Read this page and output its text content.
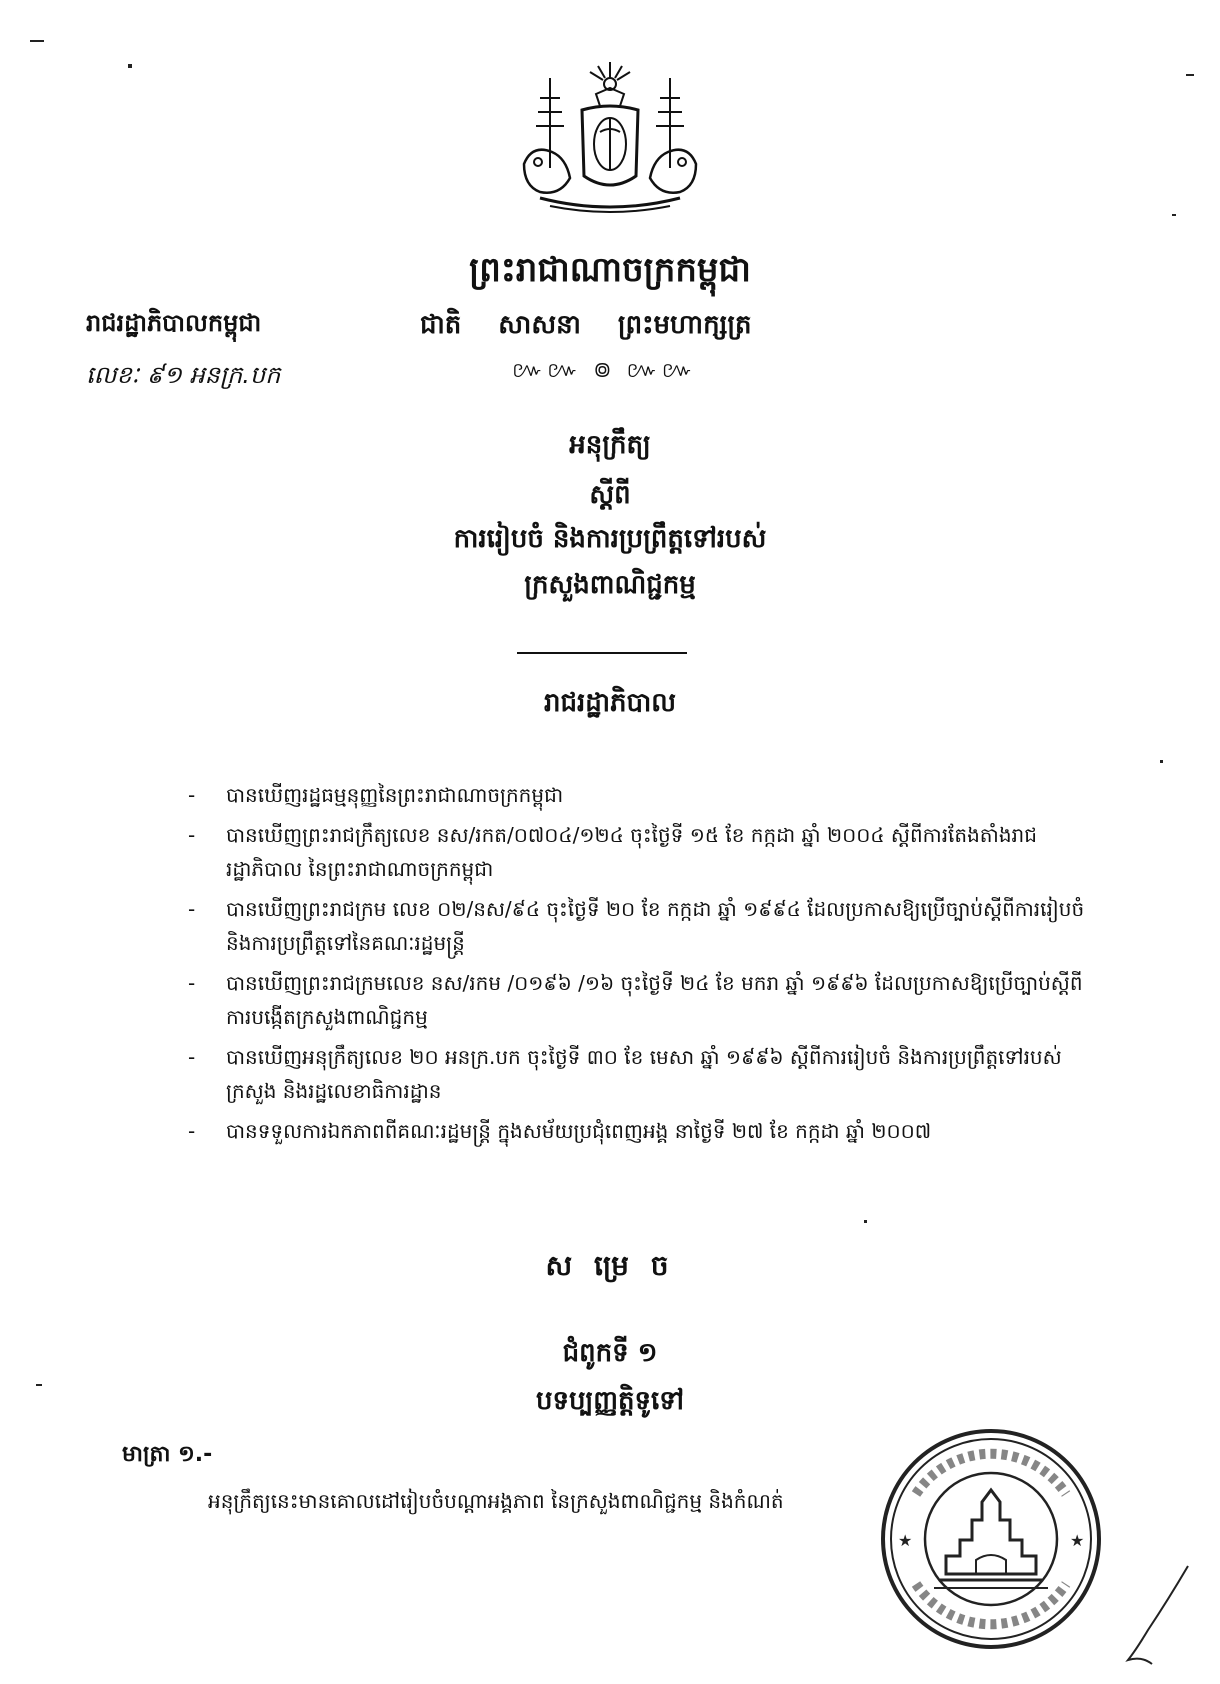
ព្រះរាជាណាចក្រកម្ពុជា
ជាតិ សាសនា ព្រះមហាក្សត្រ
៚៚ ៙ ៚៚
រាជរដ្ឋាភិបាលកម្ពុជា
លេខៈ ៩១ អនក្រ.បក
អនុក្រឹត្យ
ស្តីពី
ការរៀបចំ និងការប្រព្រឹត្តទៅរបស់
ក្រសួងពាណិជ្ជកម្ម
រាជរដ្ឋាភិបាល
- បានឃើញរដ្ឋធម្មនុញ្ញនៃព្រះរាជាណាចក្រកម្ពុជា
- បានឃើញព្រះរាជក្រឹត្យលេខ នស/រកត/០៧០៤/១២៤ ចុះថ្ងៃទី ១៥ ខែ កក្កដា ឆ្នាំ ២០០៤ ស្តីពីការតែងតាំងរាជរដ្ឋាភិបាល នៃព្រះរាជាណាចក្រកម្ពុជា
- បានឃើញព្រះរាជក្រម លេខ ០២/នស/៩៤ ចុះថ្ងៃទី ២០ ខែ កក្កដា ឆ្នាំ ១៩៩៤ ដែលប្រកាសឱ្យប្រើច្បាប់ស្តីពីការរៀបចំ និងការប្រព្រឹត្តទៅនៃគណៈរដ្ឋមន្ត្រី
- បានឃើញព្រះរាជក្រមលេខ នស/រកម /០១៩៦ /១៦ ចុះថ្ងៃទី ២៤ ខែ មករា ឆ្នាំ ១៩៩៦ ដែលប្រកាសឱ្យប្រើច្បាប់ស្តីពីការបង្កើតក្រសួងពាណិជ្ជកម្ម
- បានឃើញអនុក្រឹត្យលេខ ២០ អនក្រ.បក ចុះថ្ងៃទី ៣០ ខែ មេសា ឆ្នាំ ១៩៩៦ ស្តីពីការរៀបចំ និងការប្រព្រឹត្តទៅរបស់ក្រសួង និងរដ្ឋលេខាធិការដ្ឋាន
- បានទទួលការឯកភាពពីគណៈរដ្ឋមន្ត្រី ក្នុងសម័យប្រជុំពេញអង្គ នាថ្ងៃទី ២៧ ខែ កក្កដា ឆ្នាំ ២០០៧
ស ម្រេ ច
ជំពូកទី ១
បទប្បញ្ញត្តិទូទៅ
មាត្រា ១.-
អនុក្រឹត្យនេះមានគោលដៅរៀបចំបណ្តាអង្គភាព នៃក្រសួងពាណិជ្ជកម្ម និងកំណត់
★	★
